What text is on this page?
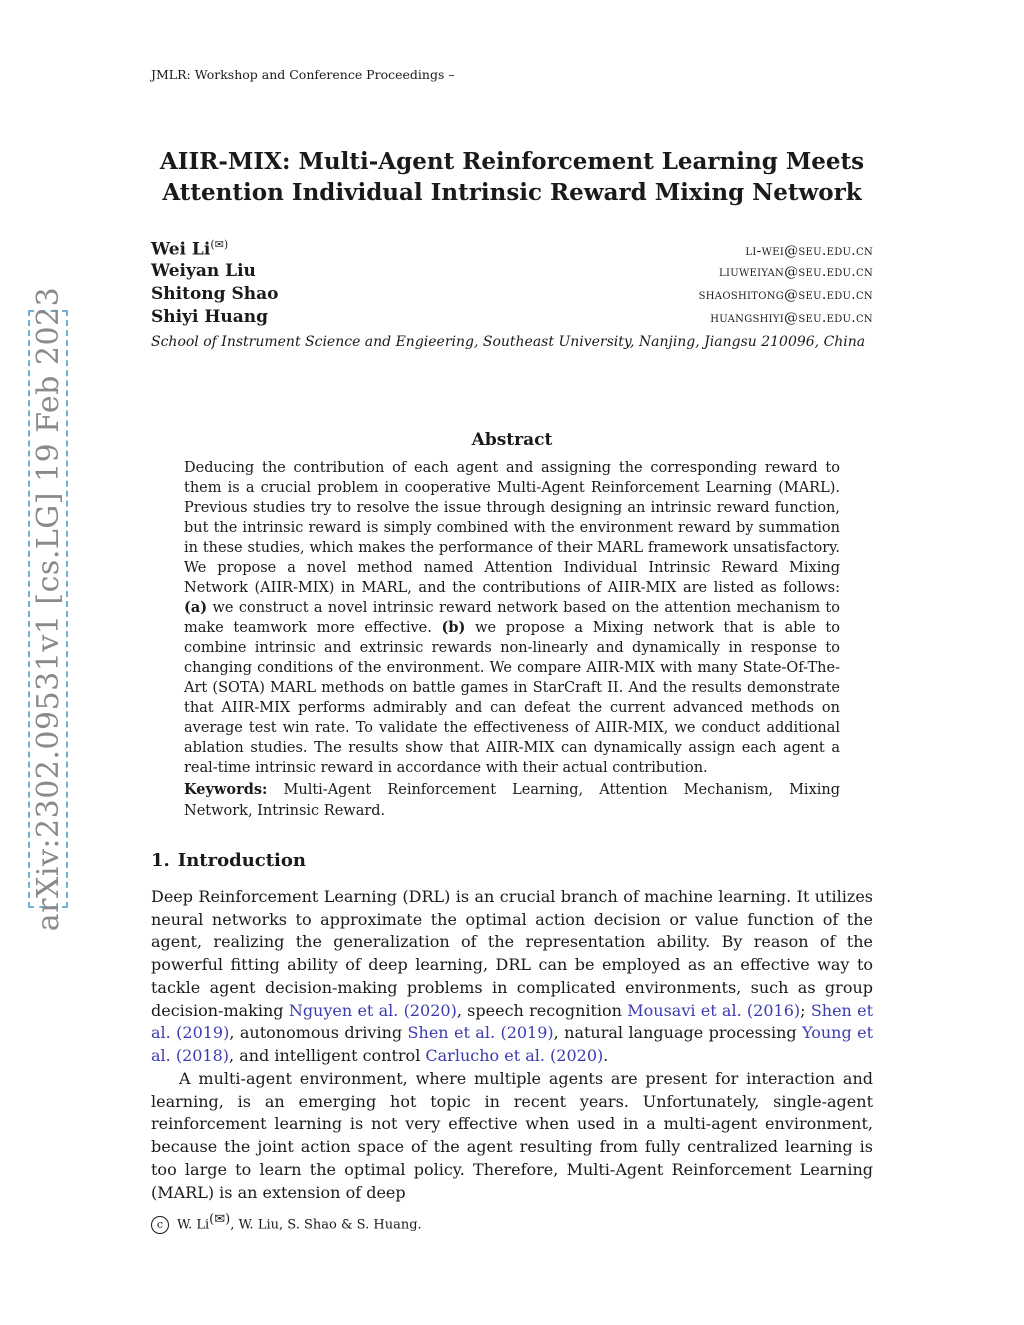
arXiv:2302.09531v1 [cs.LG] 19 Feb 2023
JMLR: Workshop and Conference Proceedings –
AIIR-MIX: Multi-Agent Reinforcement Learning Meets
Attention Individual Intrinsic Reward Mixing Network
Wei Li(✉)	li-wei@seu.edu.cn
Weiyan Liu	liuweiyan@seu.edu.cn
Shitong Shao	shaoshitong@seu.edu.cn
Shiyi Huang	huangshiyi@seu.edu.cn
School of Instrument Science and Engieering, Southeast University, Nanjing, Jiangsu 210096, China
Abstract
Deducing the contribution of each agent and assigning the corresponding reward to them is a crucial problem in cooperative Multi-Agent Reinforcement Learning (MARL). Previous studies try to resolve the issue through designing an intrinsic reward function, but the intrinsic reward is simply combined with the environment reward by summation in these studies, which makes the performance of their MARL framework unsatisfactory. We propose a novel method named Attention Individual Intrinsic Reward Mixing Network (AIIR-MIX) in MARL, and the contributions of AIIR-MIX are listed as follows: (a) we construct a novel intrinsic reward network based on the attention mechanism to make teamwork more effective. (b) we propose a Mixing network that is able to combine intrinsic and extrinsic rewards non-linearly and dynamically in response to changing conditions of the environment. We compare AIIR-MIX with many State-Of-The-Art (SOTA) MARL methods on battle games in StarCraft II. And the results demonstrate that AIIR-MIX performs admirably and can defeat the current advanced methods on average test win rate. To validate the effectiveness of AIIR-MIX, we conduct additional ablation studies. The results show that AIIR-MIX can dynamically assign each agent a real-time intrinsic reward in accordance with their actual contribution.
Keywords: Multi-Agent Reinforcement Learning, Attention Mechanism, Mixing Network, Intrinsic Reward.
1. Introduction
Deep Reinforcement Learning (DRL) is an crucial branch of machine learning. It utilizes neural networks to approximate the optimal action decision or value function of the agent, realizing the generalization of the representation ability. By reason of the powerful fitting ability of deep learning, DRL can be employed as an effective way to tackle agent decision-making problems in complicated environments, such as group decision-making Nguyen et al. (2020), speech recognition Mousavi et al. (2016); Shen et al. (2019), autonomous driving Shen et al. (2019), natural language processing Young et al. (2018), and intelligent control Carlucho et al. (2020).
A multi-agent environment, where multiple agents are present for interaction and learning, is an emerging hot topic in recent years. Unfortunately, single-agent reinforcement learning is not very effective when used in a multi-agent environment, because the joint action space of the agent resulting from fully centralized learning is too large to learn the optimal policy. Therefore, Multi-Agent Reinforcement Learning (MARL) is an extension of deep
c W. Li(✉), W. Liu, S. Shao & S. Huang.
